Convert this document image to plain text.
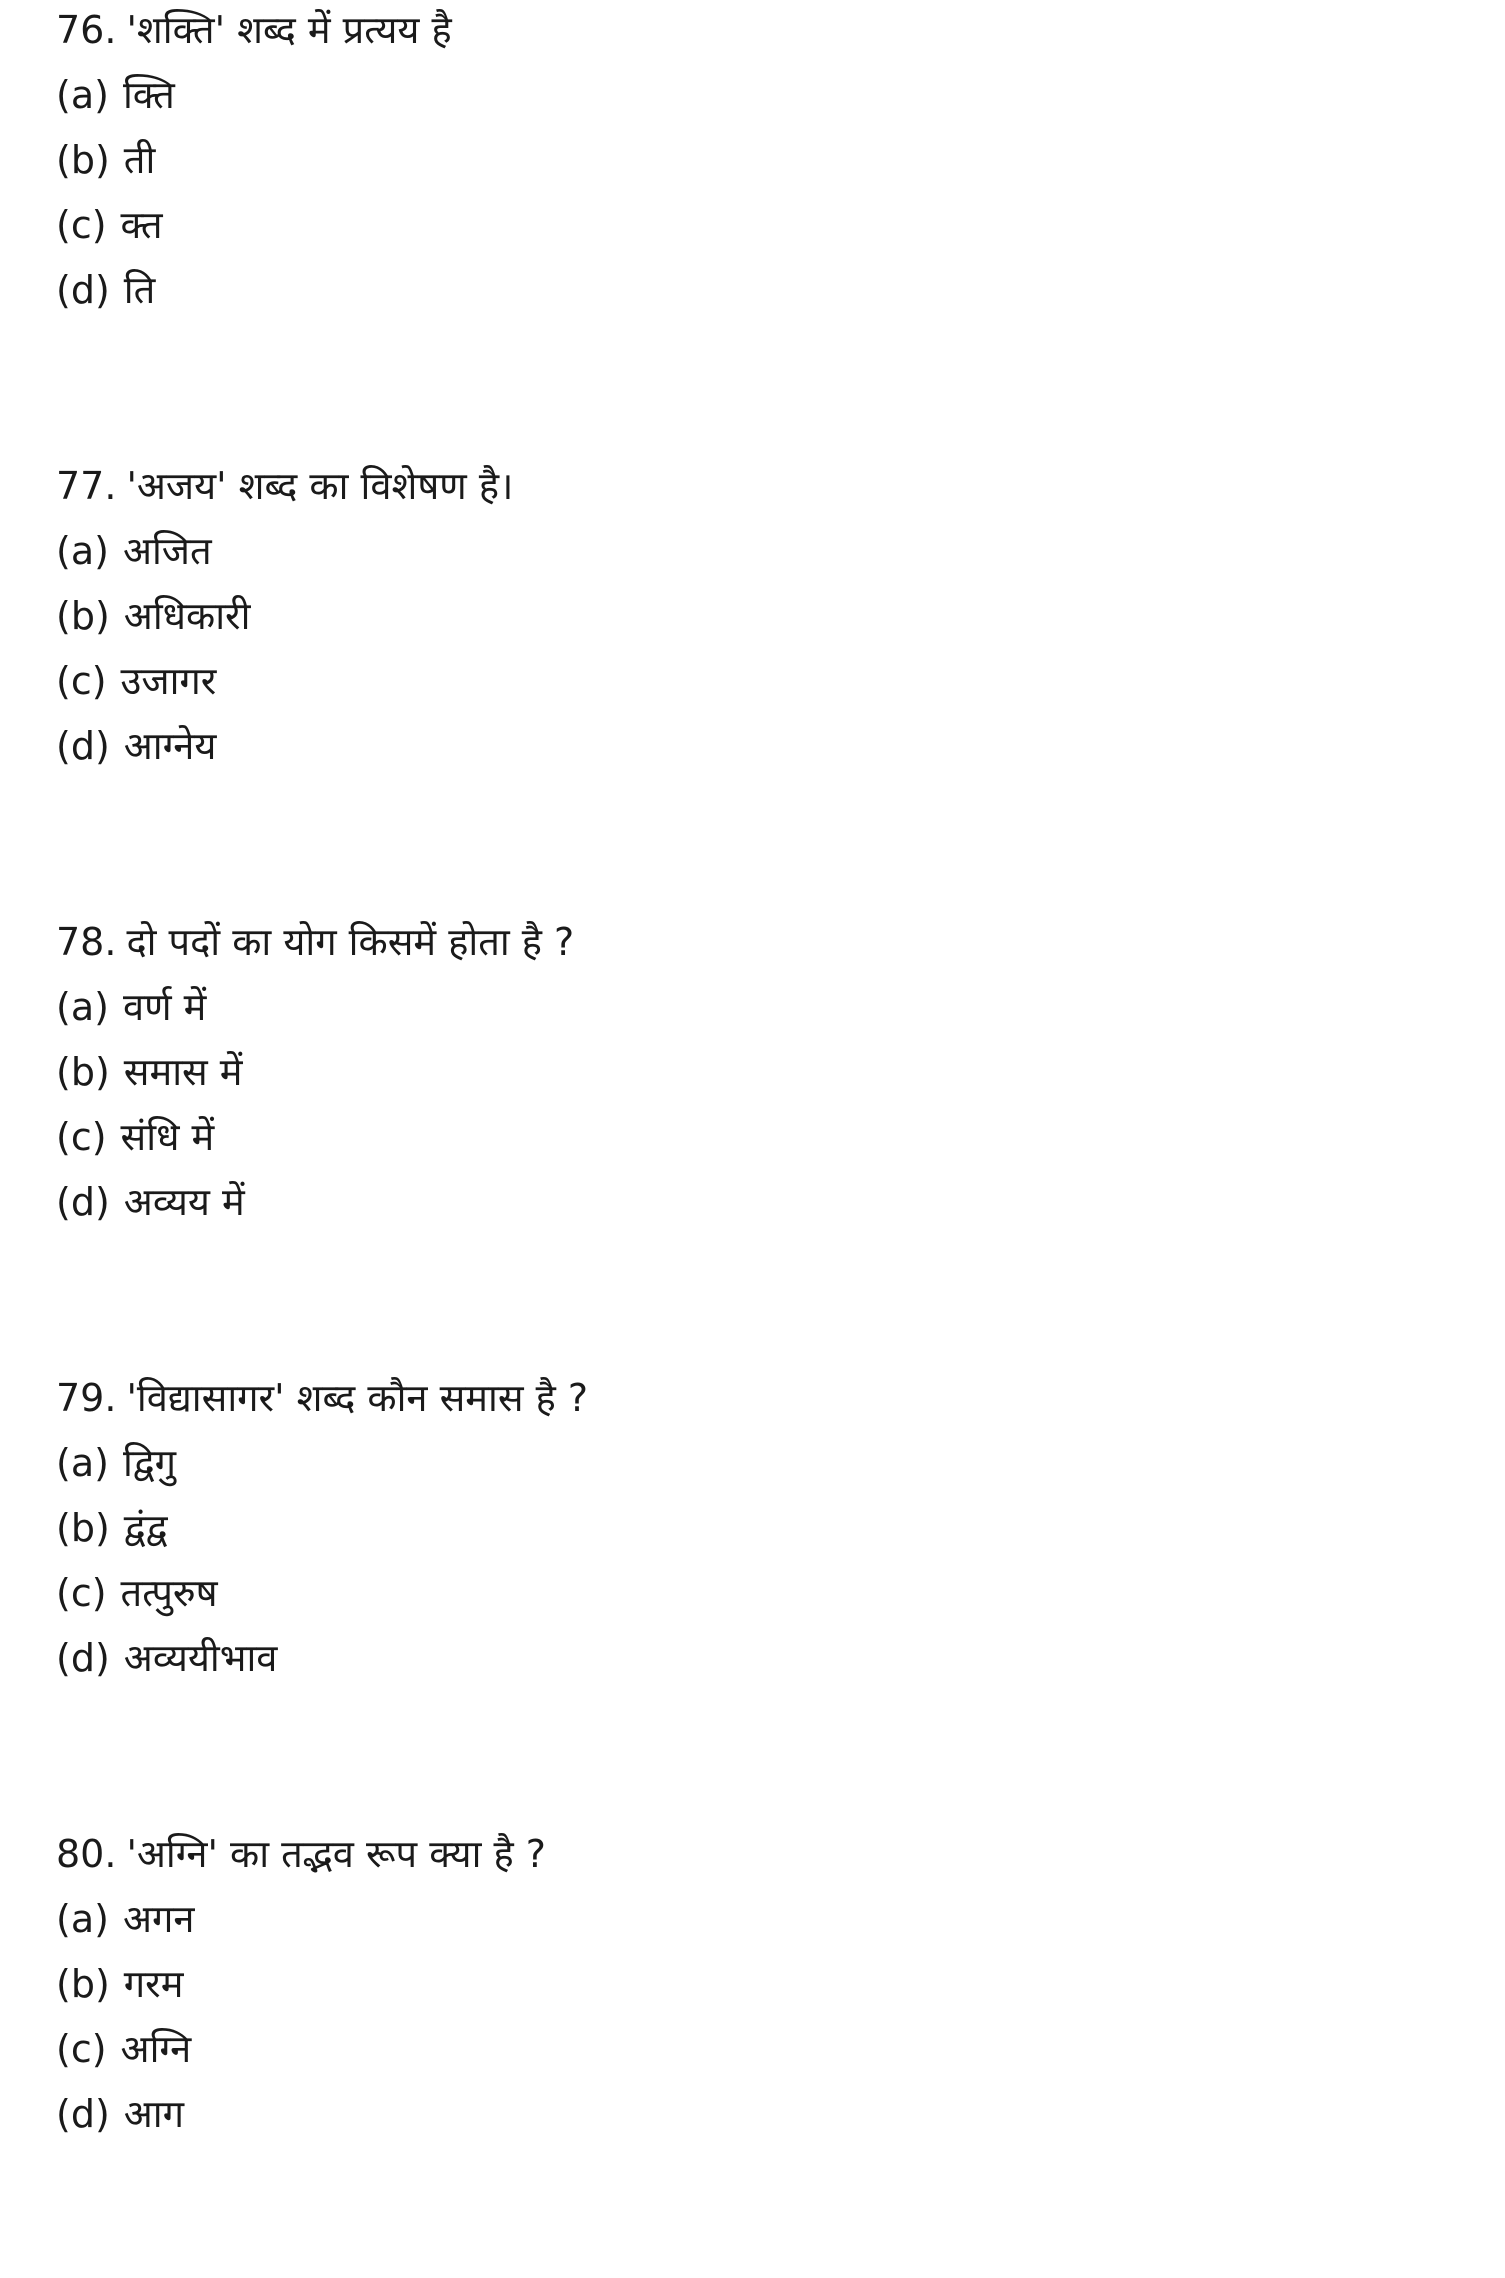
76. 'शक्ति' शब्द में प्रत्यय है
(a) क्ति
(b) ती
(c) क्त
(d) ति
77. 'अजय' शब्द का विशेषण है।
(a) अजित
(b) अधिकारी
(c) उजागर
(d) आग्नेय
78. दो पदों का योग किसमें होता है ?
(a) वर्ण में
(b) समास में
(c) संधि में
(d) अव्यय में
79. 'विद्यासागर' शब्द कौन समास है ?
(a) द्विगु
(b) द्वंद्व
(c) तत्पुरुष
(d) अव्ययीभाव
80. 'अग्नि' का तद्भव रूप क्या है ?
(a) अगन
(b) गरम
(c) अग्नि
(d) आग
